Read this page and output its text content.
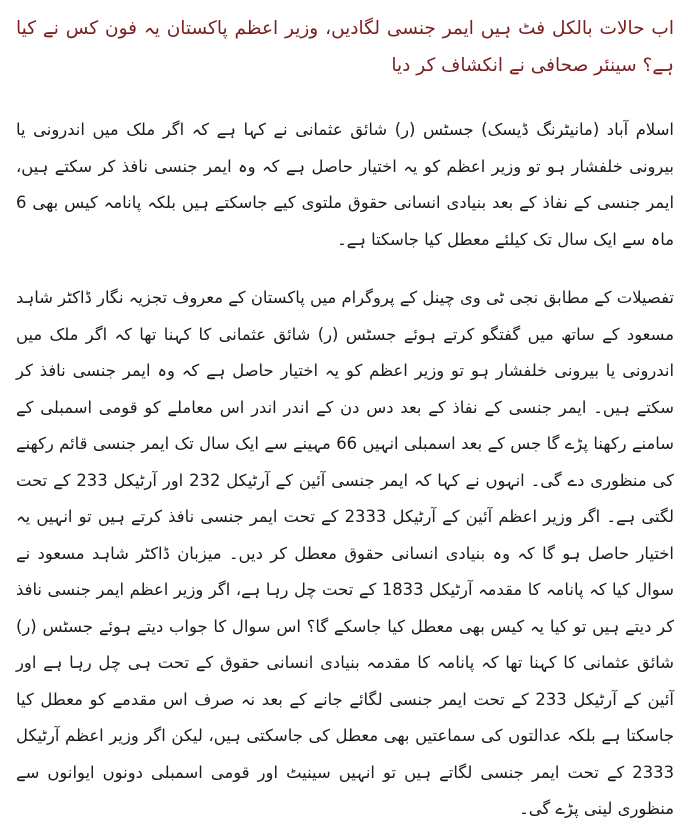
اب حالات بالکل فٹ ہیں ایمر جنسی لگادیں، وزیر اعظم پاکستان یہ فون کس نے کیا ہے؟ سینئر صحافی نے انکشاف کر دیا

اسلام آباد (مانیٹرنگ ڈیسک) جسٹس (ر) شائق عثمانی نے کہا ہے کہ اگر ملک میں اندرونی یا بیرونی خلفشار ہو تو وزیر اعظم کو یہ اختیار حاصل ہے کہ وہ ایمر جنسی نافذ کر سکتے ہیں، ایمر جنسی کے نفاذ کے بعد بنیادی انسانی حقوق ملتوی کیے جاسکتے ہیں بلکہ پانامہ کیس بھی 6 ماہ سے ایک سال تک کیلئے معطل کیا جاسکتا ہے۔

تفصیلات کے مطابق نجی ٹی وی چینل کے پروگرام میں پاکستان کے معروف تجزیہ نگار ڈاکٹر شاہد مسعود کے ساتھ میں گفتگو کرتے ہوئے جسٹس (ر) شائق عثمانی کا کہنا تھا کہ اگر ملک میں اندرونی یا بیرونی خلفشار ہو تو وزیر اعظم کو یہ اختیار حاصل ہے کہ وہ ایمر جنسی نافذ کر سکتے ہیں۔ ایمر جنسی کے نفاذ کے بعد دس دن کے اندر اندر اس معاملے کو قومی اسمبلی کے سامنے رکھنا پڑے گا جس کے بعد اسمبلی انہیں 66 مہینے سے ایک سال تک ایمر جنسی قائم رکھنے کی منظوری دے گی۔ انہوں نے کہا کہ ایمر جنسی آئین کے آرٹیکل 232 اور آرٹیکل 233 کے تحت لگتی ہے۔ اگر وزیر اعظم آئین کے آرٹیکل 2333 کے تحت ایمر جنسی نافذ کرتے ہیں تو انہیں یہ اختیار حاصل ہو گا کہ وہ بنیادی انسانی حقوق معطل کر دیں۔ میزبان ڈاکٹر شاہد مسعود نے سوال کیا کہ پانامہ کا مقدمہ آرٹیکل 1833 کے تحت چل رہا ہے، اگر وزیر اعظم ایمر جنسی نافذ کر دیتے ہیں تو کیا یہ کیس بھی معطل کیا جاسکے گا؟ اس سوال کا جواب دیتے ہوئے جسٹس (ر) شائق عثمانی کا کہنا تھا کہ پانامہ کا مقدمہ بنیادی انسانی حقوق کے تحت ہی چل رہا ہے اور آئین کے آرٹیکل 233 کے تحت ایمر جنسی لگائے جانے کے بعد نہ صرف اس مقدمے کو معطل کیا جاسکتا ہے بلکہ عدالتوں کی سماعتیں بھی معطل کی جاسکتی ہیں، لیکن اگر وزیر اعظم آرٹیکل 2333 کے تحت ایمر جنسی لگاتے ہیں تو انہیں سینیٹ اور قومی اسمبلی دونوں ایوانوں سے منظوری لینی پڑے گی۔
